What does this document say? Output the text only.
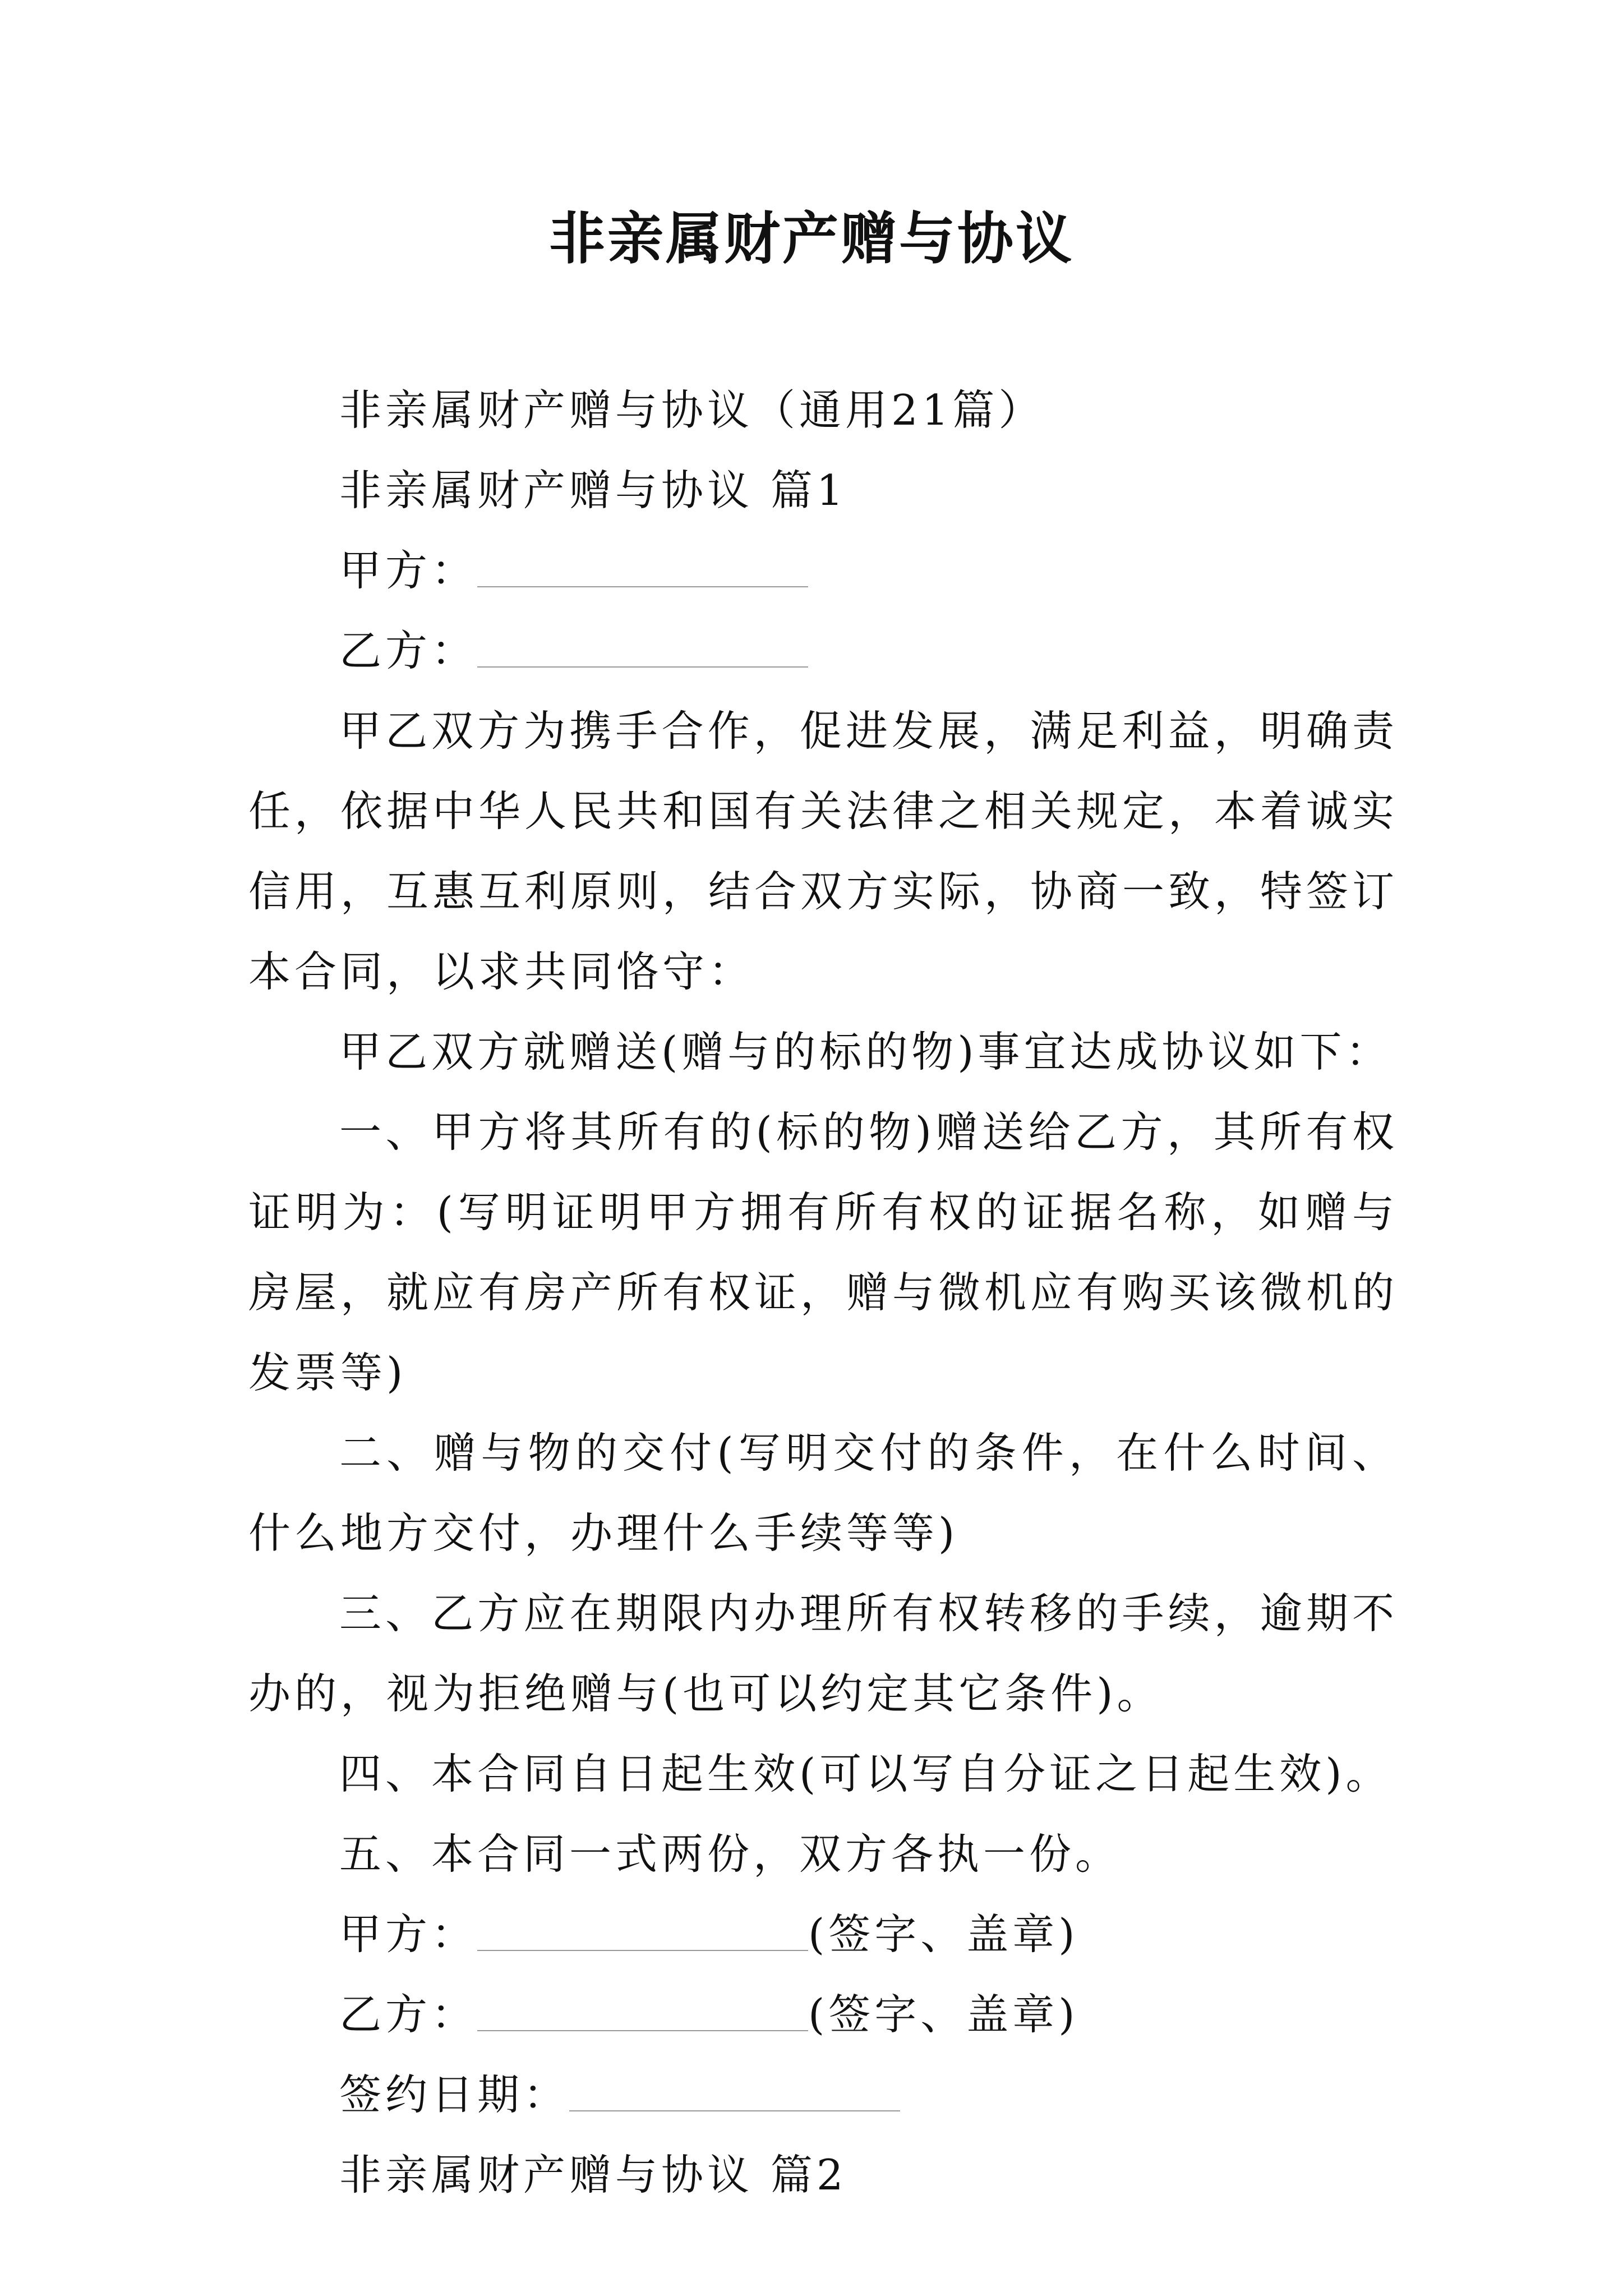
非亲属财产赠与协议

非亲属财产赠与协议（通用21篇）

非亲属财产赠与协议 篇1

甲方：

乙方：

甲乙双方为携手合作，促进发展，满足利益，明确责任，依据中华人民共和国有关法律之相关规定，本着诚实信用，互惠互利原则，结合双方实际，协商一致，特签订本合同，以求共同恪守：

甲乙双方就赠送(赠与的标的物)事宜达成协议如下：

一、甲方将其所有的(标的物)赠送给乙方，其所有权证明为：(写明证明甲方拥有所有权的证据名称，如赠与房屋，就应有房产所有权证，赠与微机应有购买该微机的发票等)

二、赠与物的交付(写明交付的条件，在什么时间、什么地方交付，办理什么手续等等)

三、乙方应在期限内办理所有权转移的手续，逾期不办的，视为拒绝赠与(也可以约定其它条件)。

四、本合同自日起生效(可以写自分证之日起生效)。

五、本合同一式两份，双方各执一份。

甲方：	(签字、盖章)

乙方：	(签字、盖章)

签约日期：

非亲属财产赠与协议 篇2
